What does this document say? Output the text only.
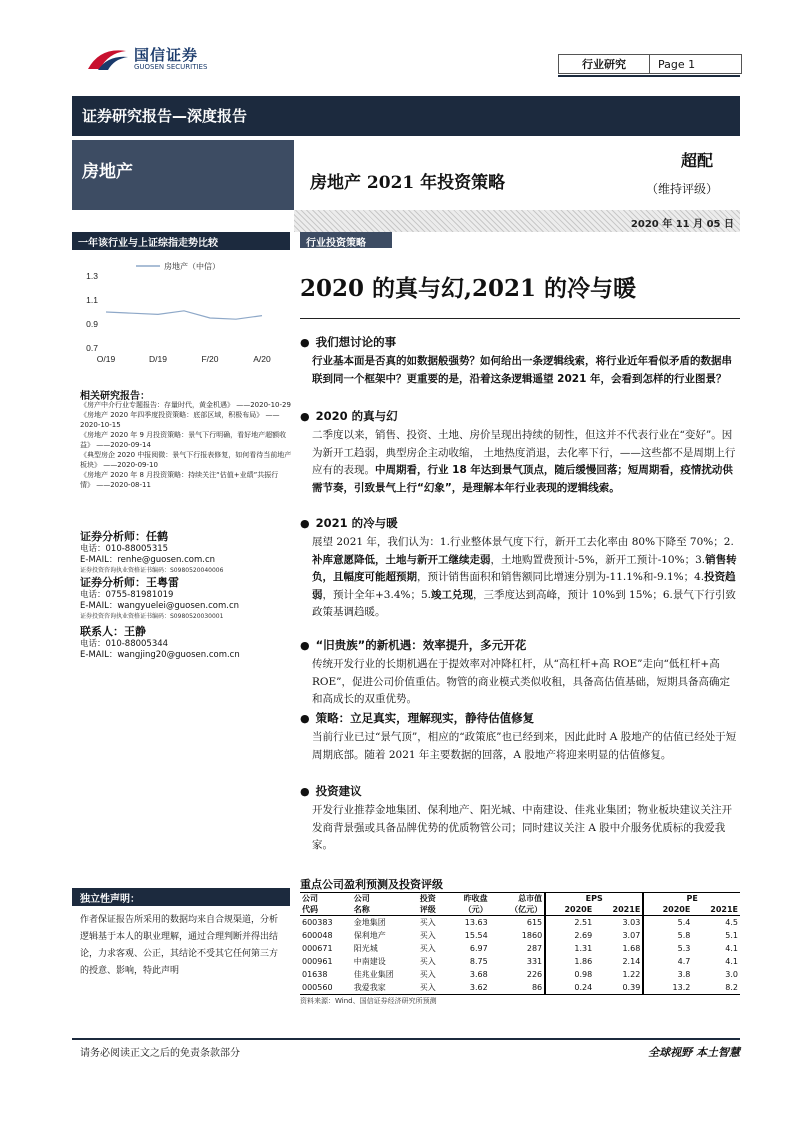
国信证券
GUOSEN SECURITIES	行业研究	Page 1
证券研究报告—深度报告
房地产
房地产 2021 年投资策略
超配
（维持评级）
2020 年 11 月 05 日
一年该行业与上证综指走势比较
1.3
1.1
0.9
0.7
O/19	D/19	F/20	A/20
房地产（中信）
相关研究报告：
《房产中介行业专题报告：存量时代，黄金机遇》 ——2020-10-29
《房地产 2020 年四季度投资策略：底部区域，积极布局》 ——2020-10-15
《房地产 2020 年 9 月投资策略：景气下行明确，看好地产超额收益》 ——2020-09-14
《典型房企 2020 中报阅微：景气下行报表修复，如何看待当前地产板块》 ——2020-09-10
《房地产 2020 年 8 月投资策略：持续关注“估值+业绩”共振行情》 ——2020-08-11
证券分析师：任鹤
电话：010-88005315
E-MAIL：renhe@guosen.com.cn
证券投资咨询执业资格证书编码：S0980520040006
证券分析师：王粤雷
电话：0755-81981019
E-MAIL：wangyuelei@guosen.com.cn
证券投资咨询执业资格证书编码：S0980520030001
联系人：王静
电话：010-88005344
E-MAIL：wangjing20@guosen.com.cn
独立性声明：
作者保证报告所采用的数据均来自合规渠道，分析逻辑基于本人的职业理解，通过合理判断并得出结论，力求客观、公正，其结论不受其它任何第三方的授意、影响，特此声明
行业投资策略
2020 的真与幻,2021 的冷与暖
● 我们想讨论的事

行业基本面是否真的如数据般强势？如何给出一条逻辑线索，将行业近年看似矛盾的数据串联到同一个框架中？更重要的是，沿着这条逻辑遥望 2021 年，会看到怎样的行业图景？

● 2020 的真与幻

二季度以来，销售、投资、土地、房价呈现出持续的韧性，但这并不代表行业在“变好”。因为新开工趋弱，典型房企主动收缩， 土地热度消退，去化率下行，——这些都不是周期上行应有的表现。中周期看，行业 18 年达到景气顶点，随后缓慢回落；短周期看，疫情扰动供需节奏，引致景气上行“幻象”，是理解本年行业表现的逻辑线索。

● 2021 的冷与暖

展望 2021 年，我们认为：1.行业整体景气度下行，新开工去化率由 80%下降至 70%；2.补库意愿降低，土地与新开工继续走弱，土地购置费预计-5%，新开工预计-10%；3.销售转负，且幅度可能超预期，预计销售面积和销售额同比增速分别为-11.1%和-9.1%；4.投资趋弱，预计全年+3.4%；5.竣工兑现，三季度达到高峰，预计 10%到 15%；6.景气下行引致政策基调趋暖。

● “旧贵族”的新机遇：效率提升，多元开花

传统开发行业的长期机遇在于提效率对冲降杠杆，从“高杠杆+高 ROE”走向“低杠杆+高 ROE”，促进公司价值重估。物管的商业模式类似收租，具备高估值基础，短期具备高确定和高成长的双重优势。

● 策略：立足真实，理解现实，静待估值修复

当前行业已过“景气顶”，相应的“政策底”也已经到来，因此此时 A 股地产的估值已经处于短周期底部。随着 2021 年主要数据的回落，A 股地产将迎来明显的估值修复。

● 投资建议

开发行业推荐金地集团、保利地产、阳光城、中南建设、佳兆业集团；物业板块建议关注开发商背景强或具备品牌优势的优质物管公司；同时建议关注 A 股中介服务优质标的我爱我家。

重点公司盈利预测及投资评级
公司	公司	投资	昨收盘	总市值	EPS		PE	
代码	名称	评级	（元）	（亿元）	2020E	2021E	2020E	2021E
600383	金地集团	买入	13.63	615	2.51	3.03	5.4	4.5
600048	保利地产	买入	15.54	1860	2.69	3.07	5.8	5.1
000671	阳光城	买入	6.97	287	1.31	1.68	5.3	4.1
000961	中南建设	买入	8.75	331	1.86	2.14	4.7	4.1
01638	佳兆业集团	买入	3.68	226	0.98	1.22	3.8	3.0
000560	我爱我家	买入	3.62	86	0.24	0.39	13.2	8.2
资料来源：Wind、国信证券经济研究所预测
请务必阅读正文之后的免责条款部分	全球视野 本土智慧
